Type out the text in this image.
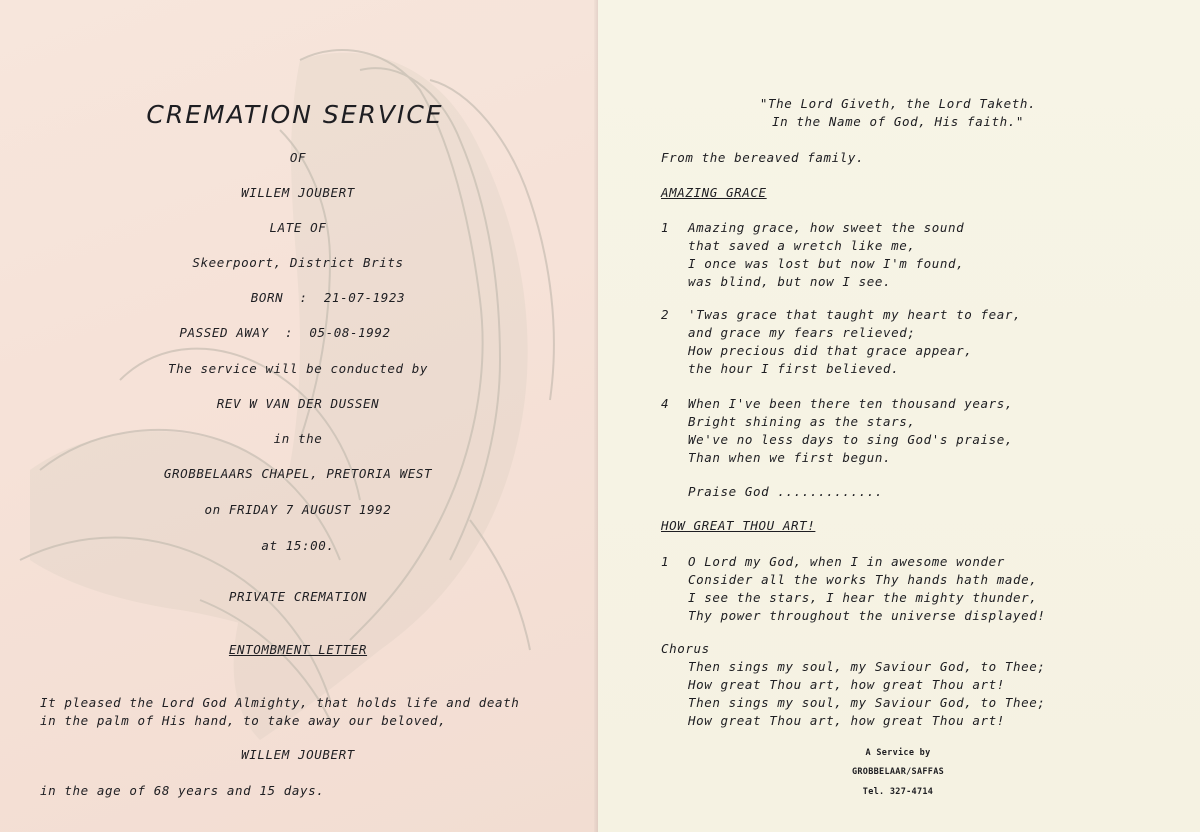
CREMATION SERVICE
OF
WILLEM JOUBERT
LATE OF
Skeerpoort, District Brits
BORN  :  21-07-1923
PASSED AWAY  :  05-08-1992
The service will be conducted by
REV W VAN DER DUSSEN
in the
GROBBELAARS CHAPEL, PRETORIA WEST
on FRIDAY 7 AUGUST 1992
at 15:00.
PRIVATE CREMATION
ENTOMBMENT LETTER
It pleased the Lord God Almighty, that holds life and death
in the palm of His hand, to take away our beloved,
WILLEM JOUBERT
in the age of 68 years and 15 days.
"The Lord Giveth, the Lord Taketh.
In the Name of God, His faith."
From the bereaved family.
AMAZING GRACE
1 Amazing grace, how sweet the sound
that saved a wretch like me,
I once was lost but now I'm found,
was blind, but now I see.
2 'Twas grace that taught my heart to fear,
and grace my fears relieved;
How precious did that grace appear,
the hour I first believed.
4 When I've been there ten thousand years,
Bright shining as the stars,
We've no less days to sing God's praise,
Than when we first begun.
Praise God .............
HOW GREAT THOU ART!
1 O Lord my God, when I in awesome wonder
Consider all the works Thy hands hath made,
I see the stars, I hear the mighty thunder,
Thy power throughout the universe displayed!
Chorus
Then sings my soul, my Saviour God, to Thee;
How great Thou art, how great Thou art!
Then sings my soul, my Saviour God, to Thee;
How great Thou art, how great Thou art!
A Service by
GROBBELAAR/SAFFAS
Tel. 327-4714
